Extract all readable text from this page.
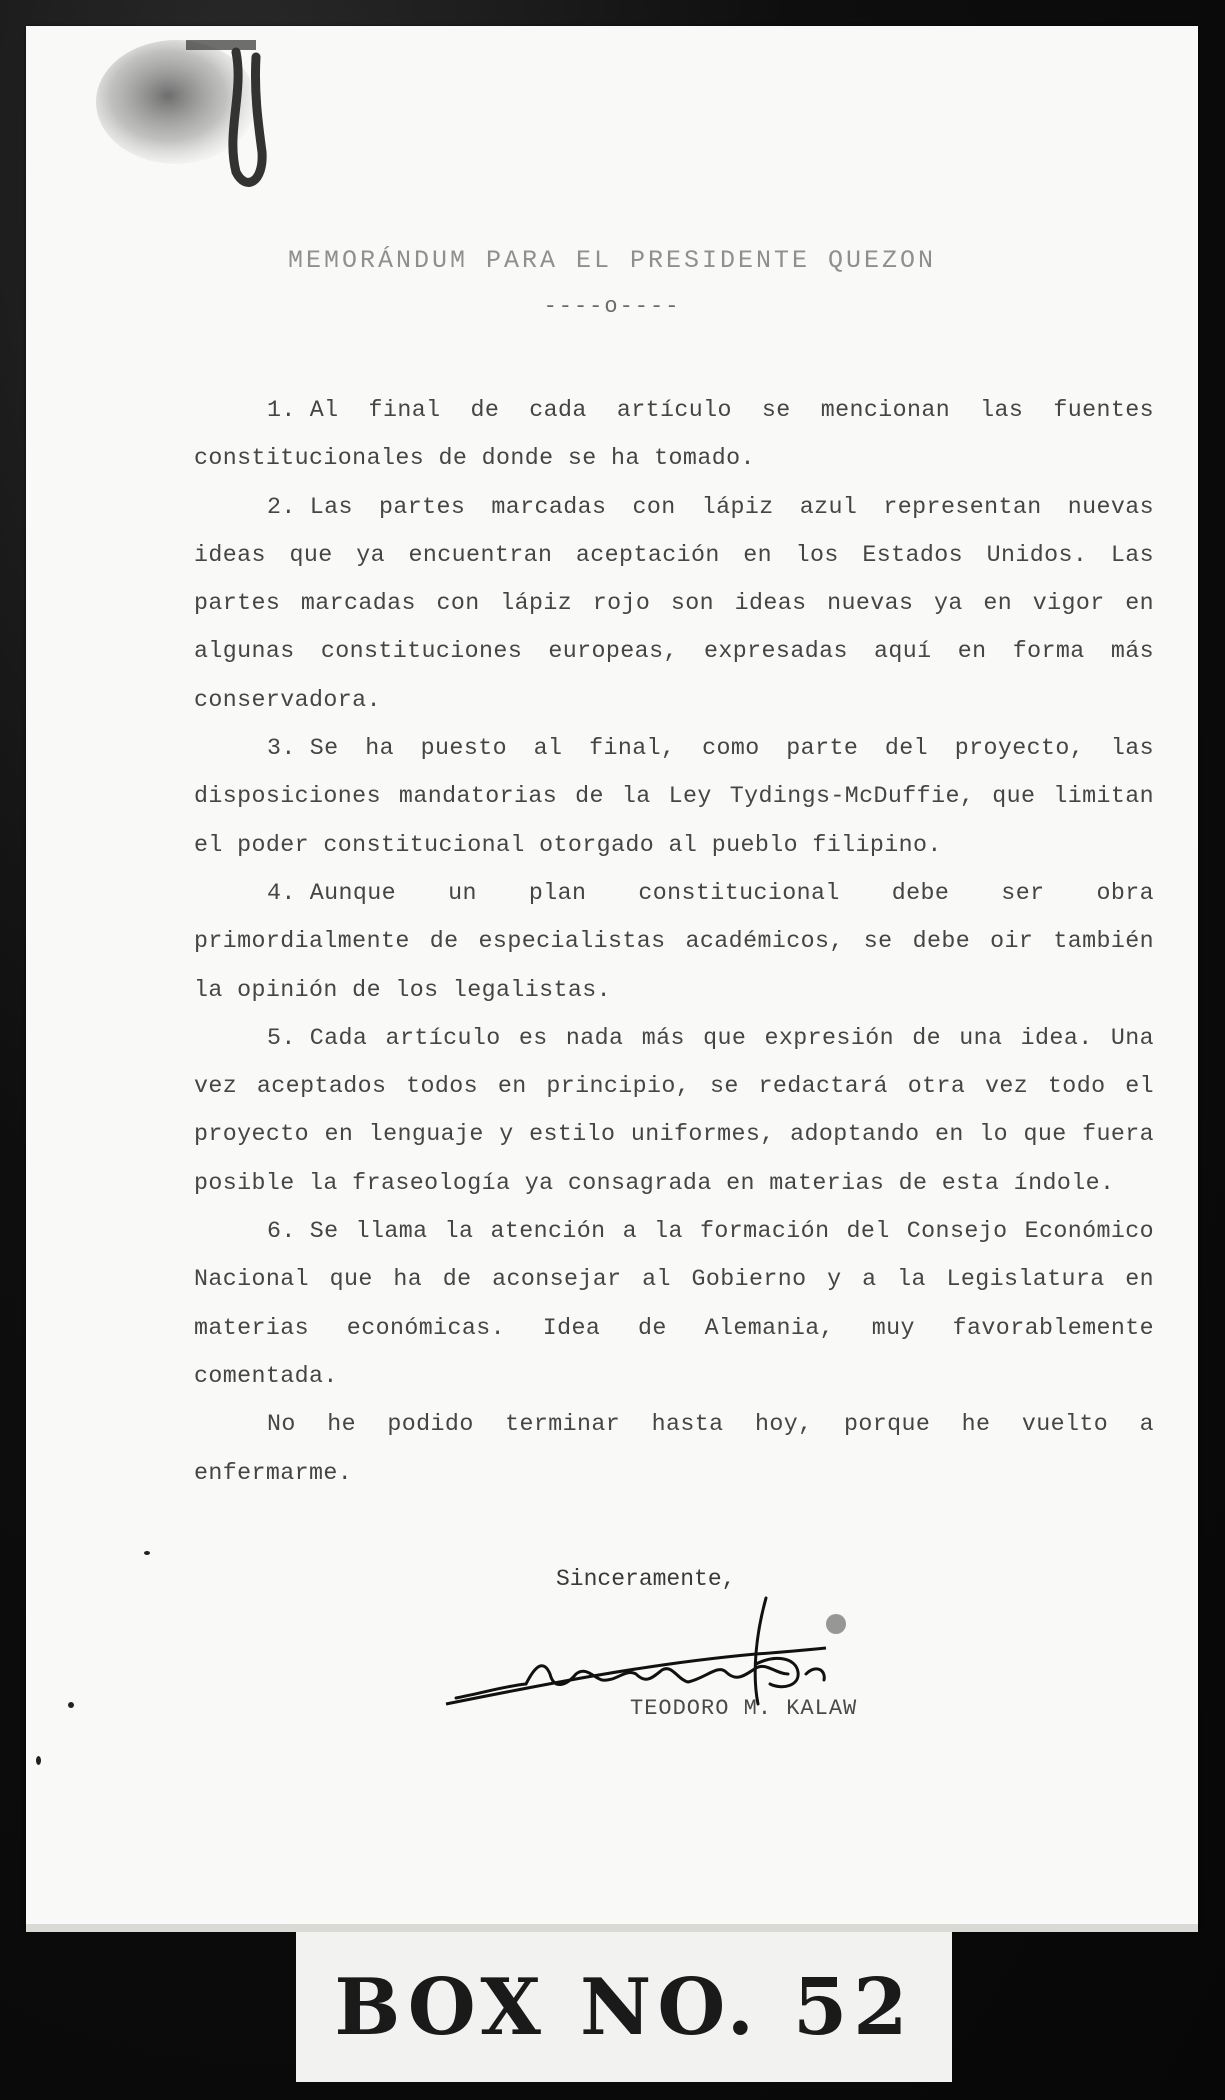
MEMORÁNDUM PARA EL PRESIDENTE QUEZON
----o----

1. Al final de cada artículo se mencionan las fuentes constitucionales de donde se ha tomado.

2. Las partes marcadas con lápiz azul representan nuevas ideas que ya encuentran aceptación en los Estados Unidos. Las partes marcadas con lápiz rojo son ideas nuevas ya en vigor en algunas constituciones europeas, expresadas aquí en forma más conservadora.

3. Se ha puesto al final, como parte del proyecto, las disposiciones mandatorias de la Ley Tydings-McDuffie, que limitan el poder constitucional otorgado al pueblo filipino.

4. Aunque un plan constitucional debe ser obra primordialmente de especialistas académicos, se debe oir también la opinión de los legalistas.

5. Cada artículo es nada más que expresión de una idea. Una vez aceptados todos en principio, se redactará otra vez todo el proyecto en lenguaje y estilo uniformes, adoptando en lo que fuera posible la fraseología ya consagrada en materias de esta índole.

6. Se llama la atención a la formación del Consejo Económico Nacional que ha de aconsejar al Gobierno y a la Legislatura en materias económicas. Idea de Alemania, muy favorablemente comentada.

No he podido terminar hasta hoy, porque he vuelto a enfermarme.

Sinceramente,
TEODORO M. KALAW
BOX NO. 52
